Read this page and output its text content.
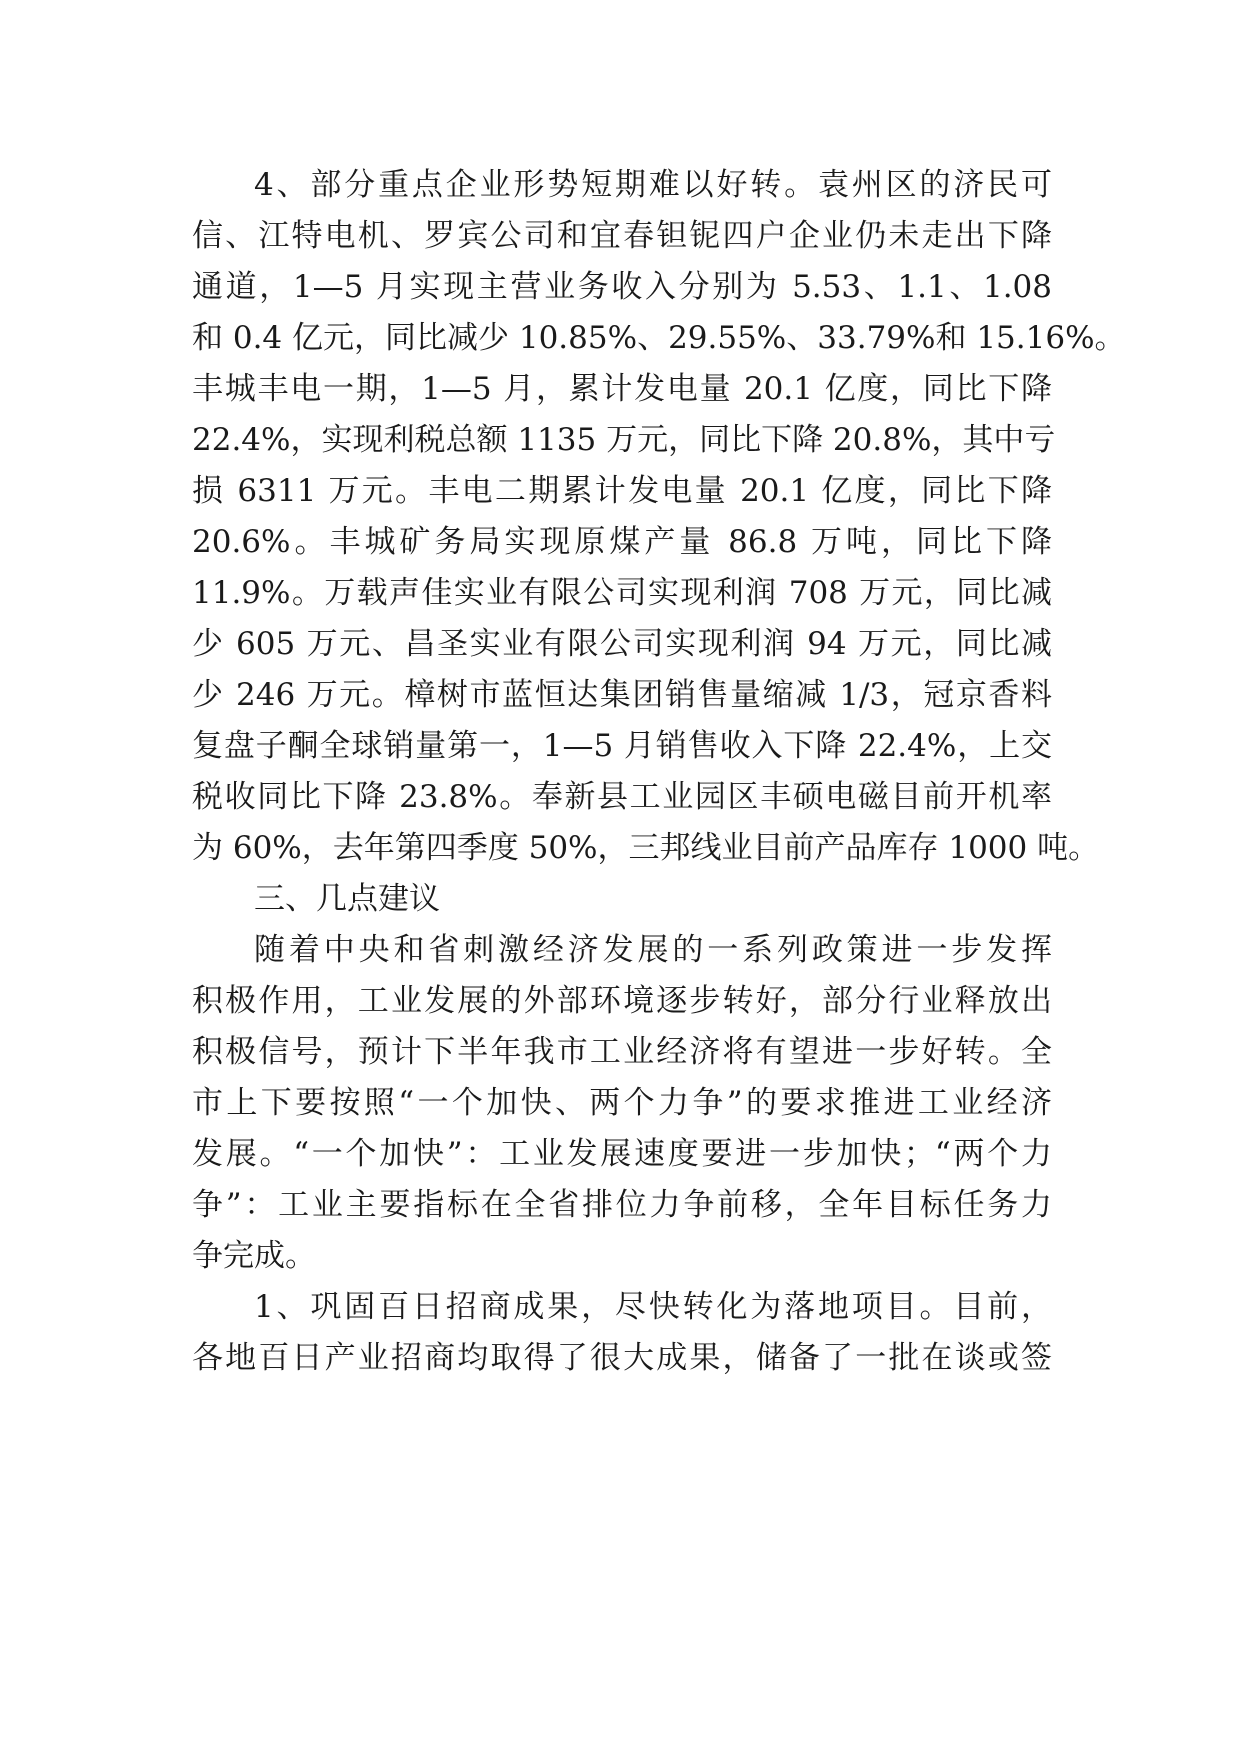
4、部分重点企业形势短期难以好转。袁州区的济民可
信、江特电机、罗宾公司和宜春钽铌四户企业仍未走出下降
通道，1—5 月实现主营业务收入分别为 5.53、1.1、1.08
和 0.4 亿元，同比减少 10.85%、29.55%、33.79%和 15.16%。
丰城丰电一期，1—5 月，累计发电量 20.1 亿度，同比下降
22.4%，实现利税总额 1135 万元，同比下降 20.8%，其中亏
损 6311 万元。丰电二期累计发电量 20.1 亿度，同比下降
20.6%。丰城矿务局实现原煤产量 86.8 万吨，同比下降
11.9%。万载声佳实业有限公司实现利润 708 万元，同比减
少 605 万元、昌圣实业有限公司实现利润 94 万元，同比减
少 246 万元。樟树市蓝恒达集团销售量缩减 1/3，冠京香料
复盘子酮全球销量第一，1—5 月销售收入下降 22.4%，上交
税收同比下降 23.8%。奉新县工业园区丰硕电磁目前开机率
为 60%，去年第四季度 50%，三邦线业目前产品库存 1000 吨。
三、几点建议
随着中央和省刺激经济发展的一系列政策进一步发挥
积极作用，工业发展的外部环境逐步转好，部分行业释放出
积极信号，预计下半年我市工业经济将有望进一步好转。全
市上下要按照“一个加快、两个力争”的要求推进工业经济
发展。“一个加快”：工业发展速度要进一步加快；“两个力
争”：工业主要指标在全省排位力争前移，全年目标任务力
争完成。
1、巩固百日招商成果，尽快转化为落地项目。目前，
各地百日产业招商均取得了很大成果，储备了一批在谈或签
